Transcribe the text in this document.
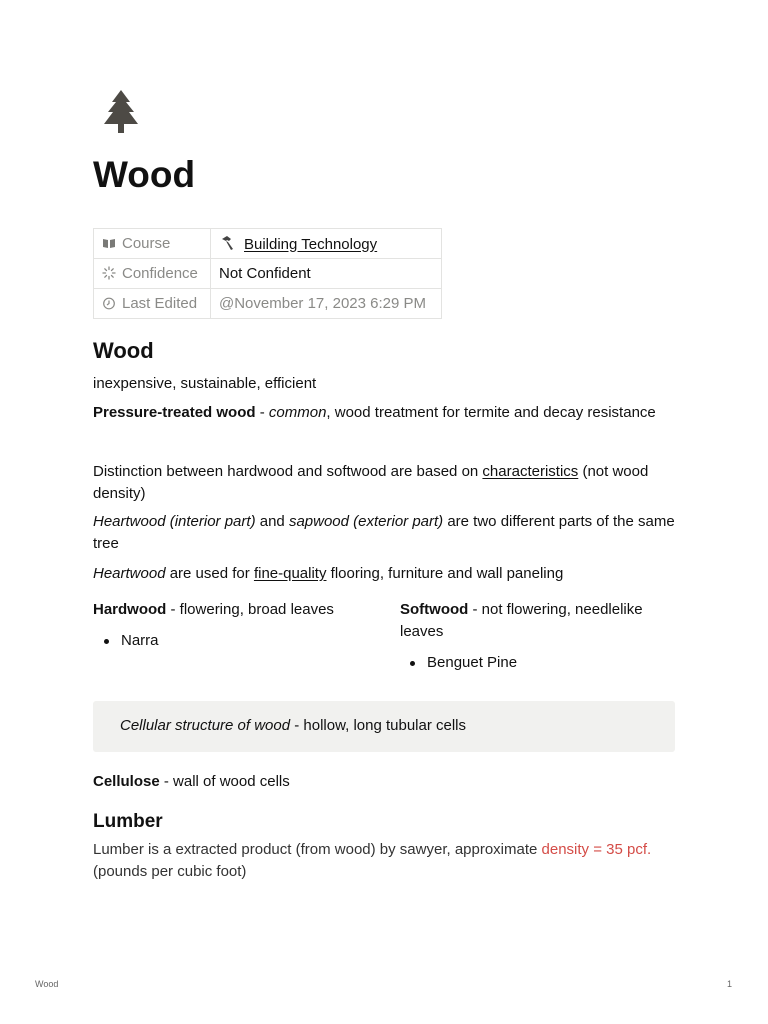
Wood
Course	Building Technology
Confidence	Not Confident
Last Edited	@November 17, 2023 6:29 PM
Wood
inexpensive, sustainable, efficient
Pressure-treated wood - common, wood treatment for termite and decay resistance
Distinction between hardwood and softwood are based on characteristics (not wood density)
Heartwood (interior part) and sapwood (exterior part) are two different parts of the same tree
Heartwood are used for fine-quality flooring, furniture and wall paneling
Hardwood - flowering, broad leaves
Narra
Softwood - not flowering, needlelike leaves
Benguet Pine
Cellular structure of wood - hollow, long tubular cells
Cellulose - wall of wood cells
Lumber
Lumber is a extracted product (from wood) by sawyer, approximate density = 35 pcf. (pounds per cubic foot)
Wood	1
